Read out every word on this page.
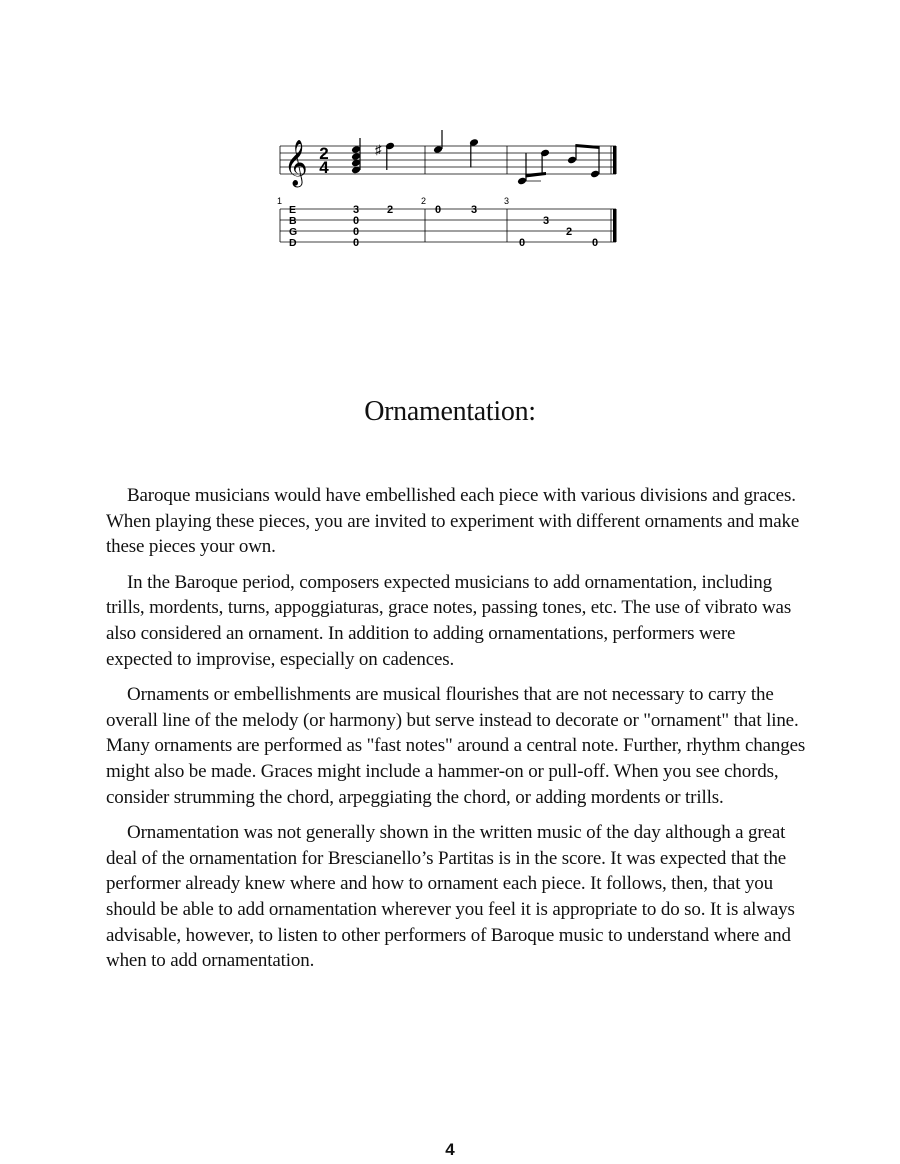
𝄞 2
4
♯
1	2	3
E
B
G
D
3
0
0
0
2	0	3
0
3
2
0
Ornamentation:

Baroque musicians would have embellished each piece with various divisions and graces. When playing these pieces, you are invited to experiment with different ornaments and make these pieces your own.

In the Baroque period, composers expected musicians to add ornamentation, including trills, mordents, turns, appoggiaturas, grace notes, passing tones, etc. The use of vibrato was also considered an ornament. In addition to adding ornamentations, performers were expected to improvise, especially on cadences.

Ornaments or embellishments are musical flourishes that are not necessary to carry the overall line of the melody (or harmony) but serve instead to decorate or "ornament" that line. Many ornaments are performed as "fast notes" around a central note. Further, rhythm changes might also be made. Graces might include a hammer-on or pull-off. When you see chords, consider strumming the chord, arpeggiating the chord, or adding mordents or trills.

Ornamentation was not generally shown in the written music of the day although a great deal of the ornamentation for Brescianello’s Partitas is in the score. It was expected that the performer already knew where and how to ornament each piece. It follows, then, that you should be able to add ornamentation wherever you feel it is appropriate to do so. It is always advisable, however, to listen to other performers of Baroque music to understand where and when to add ornamentation.

4
